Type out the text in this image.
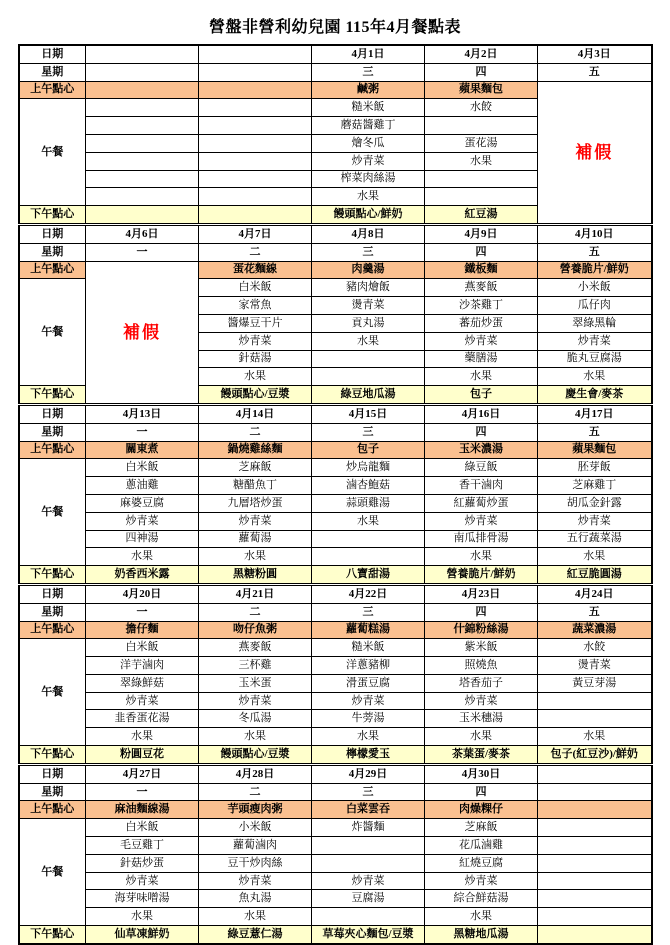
營盤非營利幼兒園 115年4月餐點表
日期			4月1日	4月2日	4月3日
星期			三	四	五
上午點心			鹹粥	蘋果麵包	補假
午餐			糙米飯	水餃	
			蘑菇醬雞丁		
			燴冬瓜	蛋花湯	
			炒青菜	水果	
			榨菜肉絲湯		
			水果		
下午點心			饅頭點心/鮮奶	紅豆湯	
日期	4月6日	4月7日	4月8日	4月9日	4月10日
星期	一	二	三	四	五
上午點心	補假	蛋花麵線	肉羹湯	鐵板麵	營養脆片/鮮奶
午餐		白米飯	豬肉燴飯	燕麥飯	小米飯
		家常魚	燙青菜	沙茶雞丁	瓜仔肉
		醬爆豆干片	貢丸湯	蕃茄炒蛋	翠綠黑輪
		炒青菜	水果	炒青菜	炒青菜
		針菇湯		藥膳湯	脆丸豆腐湯
		水果		水果	水果
下午點心		饅頭點心/豆漿	綠豆地瓜湯	包子	慶生會/麥茶
日期	4月13日	4月14日	4月15日	4月16日	4月17日
星期	一	二	三	四	五
上午點心	關東煮	鍋燒雞絲麵	包子	玉米濃湯	蘋果麵包
午餐	白米飯	芝麻飯	炒烏龍麵	綠豆飯	胚芽飯
	蔥油雞	糖醋魚丁	滷杏鮑菇	香干滷肉	芝麻雞丁
	麻婆豆腐	九層塔炒蛋	蒜頭雞湯	紅蘿蔔炒蛋	胡瓜金針露
	炒青菜	炒青菜	水果	炒青菜	炒青菜
	四神湯	蘿蔔湯		南瓜排骨湯	五行蔬菜湯
	水果	水果		水果	水果
下午點心	奶香西米露	黑糖粉圓	八寶甜湯	營養脆片/鮮奶	紅豆脆圓湯
日期	4月20日	4月21日	4月22日	4月23日	4月24日
星期	一	二	三	四	五
上午點心	擔仔麵	吻仔魚粥	蘿蔔糕湯	什錦粉絲湯	蔬菜濃湯
午餐	白米飯	燕麥飯	糙米飯	紫米飯	水餃
	洋芋滷肉	三杯雞	洋蔥豬柳	照燒魚	燙青菜
	翠綠鮮菇	玉米蛋	滑蛋豆腐	塔香茄子	黃豆芽湯
	炒青菜	炒青菜	炒青菜	炒青菜	
	韭香蛋花湯	冬瓜湯	牛蒡湯	玉米穗湯	
	水果	水果	水果	水果	水果
下午點心	粉圓豆花	饅頭點心/豆漿	檸檬愛玉	茶葉蛋/麥茶	包子(紅豆沙)/鮮奶
日期	4月27日	4月28日	4月29日	4月30日	
星期	一	二	三	四	
上午點心	麻油麵線湯	芋頭瘦肉粥	白菜雲吞	肉燥粿仔	
午餐	白米飯	小米飯	炸醬麵	芝麻飯	
	毛豆雞丁	蘿蔔滷肉		花瓜滷雞	
	針菇炒蛋	豆干炒肉絲		紅燒豆腐	
	炒青菜	炒青菜	炒青菜	炒青菜	
	海芽味噌湯	魚丸湯	豆腐湯	綜合鮮菇湯	
	水果	水果		水果	
下午點心	仙草凍鮮奶	綠豆薏仁湯	草莓夾心麵包/豆漿	黑糖地瓜湯	
